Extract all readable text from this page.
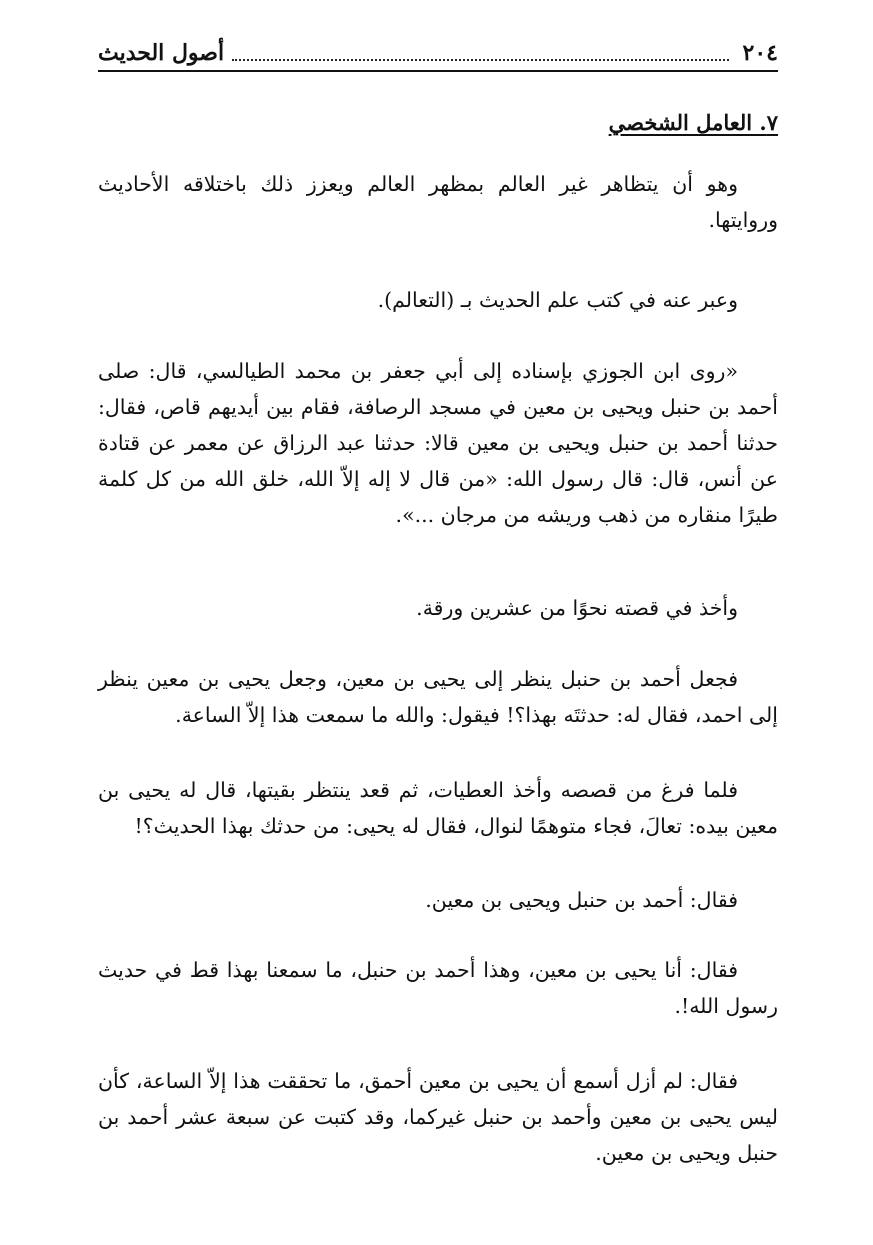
٢٠٤
أصول الحديث
٧. العامل الشخصي

وهو أن يتظاهر غير العالم بمظهر العالم ويعزز ذلك باختلاقه الأحاديث وروايتها.

وعبر عنه في كتب علم الحديث بـ (التعالم).

«روى ابن الجوزي بإسناده إلى أبي جعفر بن محمد الطيالسي، قال: صلى أحمد بن حنبل ويحيى بن معين في مسجد الرصافة، فقام بين أيديهم قاص، فقال: حدثنا أحمد بن حنبل ويحيى بن معين قالا: حدثنا عبد الرزاق عن معمر عن قتادة عن أنس، قال: قال رسول الله: «من قال لا إله إلاّ الله، خلق الله من كل كلمة طيرًا منقاره من ذهب وريشه من مرجان ...».

وأخذ في قصته نحوًا من عشرين ورقة.

فجعل أحمد بن حنبل ينظر إلى يحيى بن معين، وجعل يحيى بن معين ينظر إلى احمد، فقال له: حدثتَه بهذا؟! فيقول: والله ما سمعت هذا إلاّ الساعة.

فلما فرغ من قصصه وأخذ العطيات، ثم قعد ينتظر بقيتها، قال له يحيى بن معين بيده: تعالَ، فجاء متوهمًا لنوال، فقال له يحيى: من حدثك بهذا الحديث؟!

فقال: أحمد بن حنبل ويحيى بن معين.

فقال: أنا يحيى بن معين، وهذا أحمد بن حنبل، ما سمعنا بهذا قط في حديث رسول الله!.

فقال: لم أزل أسمع أن يحيى بن معين أحمق، ما تحققت هذا إلاّ الساعة، كأن ليس يحيى بن معين وأحمد بن حنبل غيركما، وقد كتبت عن سبعة عشر أحمد بن حنبل ويحيى بن معين.
